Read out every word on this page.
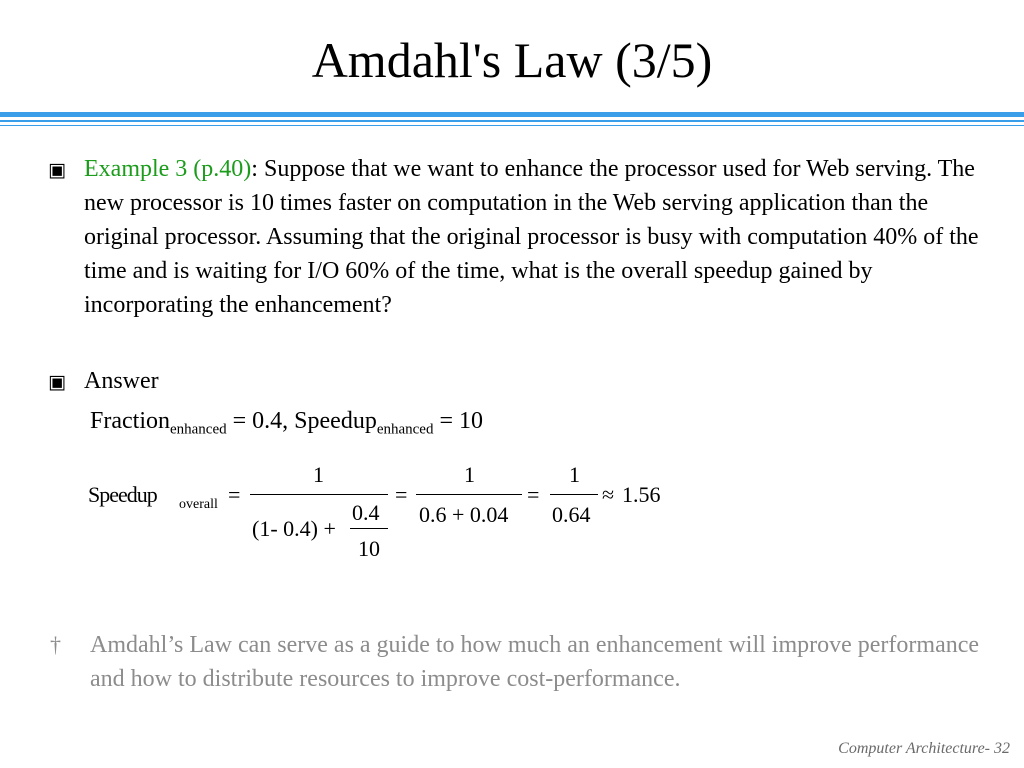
Amdahl's Law (3/5)
▣ Example 3 (p.40): Suppose that we want to enhance the processor used for Web serving. The new processor is 10 times faster on computation in the Web serving application than the original processor. Assuming that the original processor is busy with computation 40% of the time and is waiting for I/O 60% of the time, what is the overall speedup gained by incorporating the enhancement?
▣ Answer
Fraction$_{enhanced}$ = 0.4, Speedup$_{enhanced}$ = 10
Speedup overall =
1
(1- 0.4) +
0.4
10
=
1
0.6 + 0.04
=
1
0.64
≈ 1.56
† Amdahl’s Law can serve as a guide to how much an enhancement will improve performance and how to distribute resources to improve cost-performance.
Computer Architecture- 32
